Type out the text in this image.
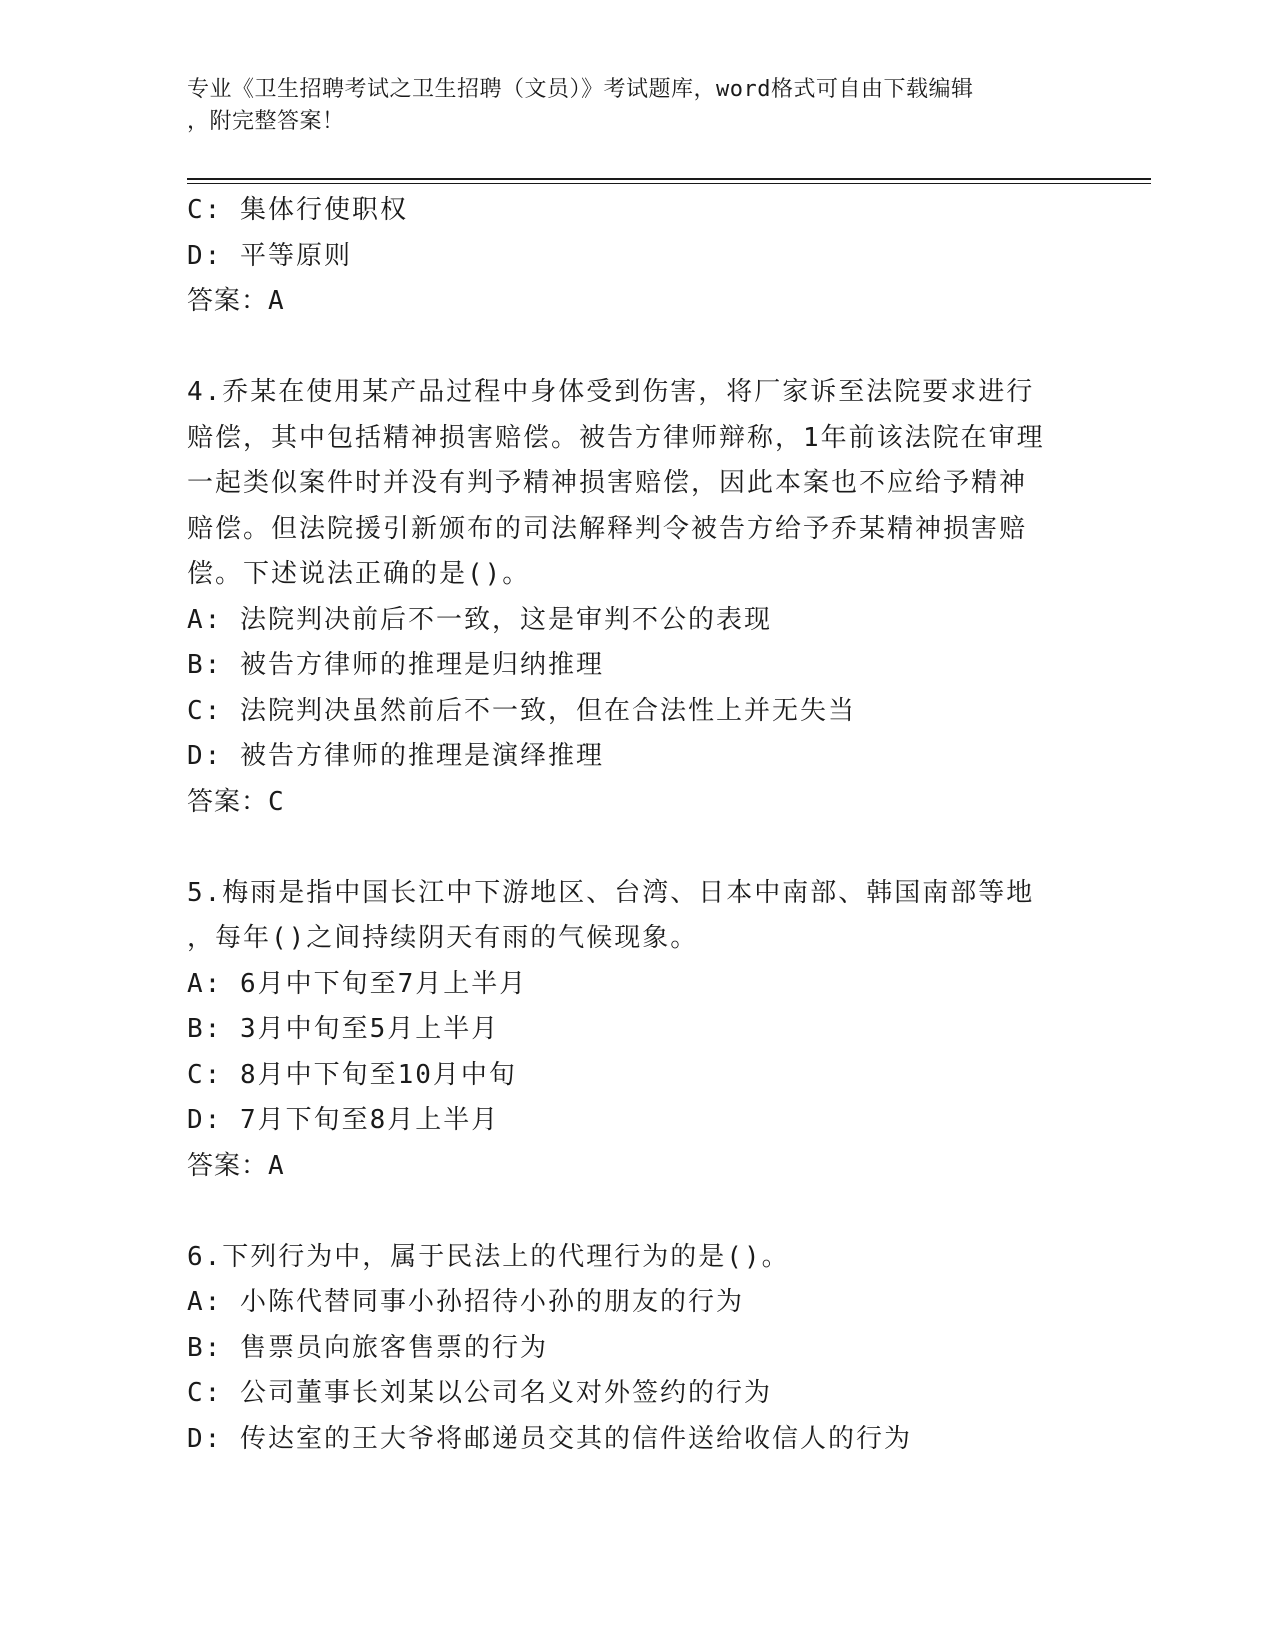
专业《卫生招聘考试之卫生招聘（文员）》考试题库，word格式可自由下载编辑
，附完整答案！
C: 集体行使职权
D: 平等原则
答案：A
4.乔某在使用某产品过程中身体受到伤害，将厂家诉至法院要求进行
赔偿，其中包括精神损害赔偿。被告方律师辩称，1年前该法院在审理
一起类似案件时并没有判予精神损害赔偿，因此本案也不应给予精神
赔偿。但法院援引新颁布的司法解释判令被告方给予乔某精神损害赔
偿。下述说法正确的是()。
A: 法院判决前后不一致，这是审判不公的表现
B: 被告方律师的推理是归纳推理
C: 法院判决虽然前后不一致，但在合法性上并无失当
D: 被告方律师的推理是演绎推理
答案：C
5.梅雨是指中国长江中下游地区、台湾、日本中南部、韩国南部等地
，每年()之间持续阴天有雨的气候现象。
A: 6月中下旬至7月上半月
B: 3月中旬至5月上半月
C: 8月中下旬至10月中旬
D: 7月下旬至8月上半月
答案：A
6.下列行为中，属于民法上的代理行为的是()。
A: 小陈代替同事小孙招待小孙的朋友的行为
B: 售票员向旅客售票的行为
C: 公司董事长刘某以公司名义对外签约的行为
D: 传达室的王大爷将邮递员交其的信件送给收信人的行为
